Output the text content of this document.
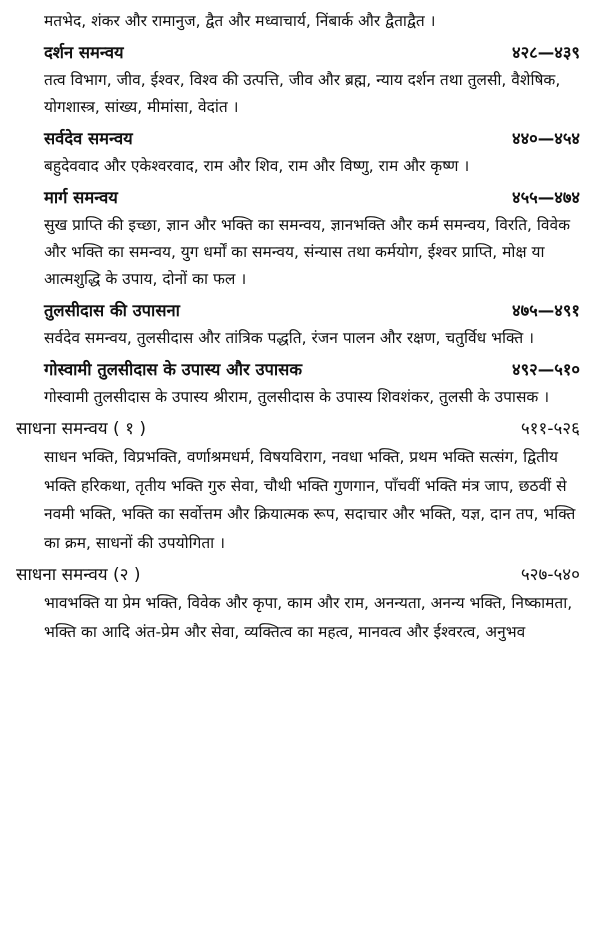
मतभेद, शंकर और रामानुज, द्वैत और मध्वाचार्य, निंबार्क और द्वैताद्वैत ।

दर्शन समन्वय	४२८—४३९

तत्व विभाग, जीव, ईश्वर, विश्व की उत्पत्ति, जीव और ब्रह्म, न्याय दर्शन तथा तुलसी, वैशेषिक, योगशास्त्र, सांख्य, मीमांसा, वेदांत ।

सर्वदेव समन्वय	४४०—४५४

बहुदेववाद और एकेश्वरवाद, राम और शिव, राम और विष्णु, राम और कृष्ण ।

मार्ग समन्वय	४५५—४७४

सुख प्राप्ति की इच्छा, ज्ञान और भक्ति का समन्वय, ज्ञानभक्ति और कर्म समन्वय, विरति, विवेक और भक्ति का समन्वय, युग धर्मों का समन्वय, संन्यास तथा कर्मयोग, ईश्वर प्राप्ति, मोक्ष या आत्मशुद्धि के उपाय, दोनों का फल ।

तुलसीदास की उपासना	४७५—४९१

सर्वदेव समन्वय, तुलसीदास और तांत्रिक पद्धति, रंजन पालन और रक्षण, चतुर्विध भक्ति ।

गोस्वामी तुलसीदास के उपास्य और उपासक	४९२—५१०

गोस्वामी तुलसीदास के उपास्य श्रीराम, तुलसीदास के उपास्य शिवशंकर, तुलसी के उपासक ।

साधना समन्वय ( १ )	५११-५२६

साधन भक्ति, विप्रभक्ति, वर्णाश्रमधर्म, विषयविराग, नवधा भक्ति, प्रथम भक्ति सत्संग, द्वितीय भक्ति हरिकथा, तृतीय भक्ति गुरु सेवा, चौथी भक्ति गुणगान, पाँचवीं भक्ति मंत्र जाप, छठवीं से नवमी भक्ति, भक्ति का सर्वोत्तम और क्रियात्मक रूप, सदाचार और भक्ति, यज्ञ, दान तप, भक्ति का क्रम, साधनों की उपयोगिता ।

साधना समन्वय (२ )	५२७-५४०

भावभक्ति या प्रेम भक्ति, विवेक और कृपा, काम और राम, अनन्यता, अनन्य भक्ति, निष्कामता, भक्ति का आदि अंत-प्रेम और सेवा, व्यक्तित्व का महत्व, मानवत्व और ईश्वरत्व, अनुभव
